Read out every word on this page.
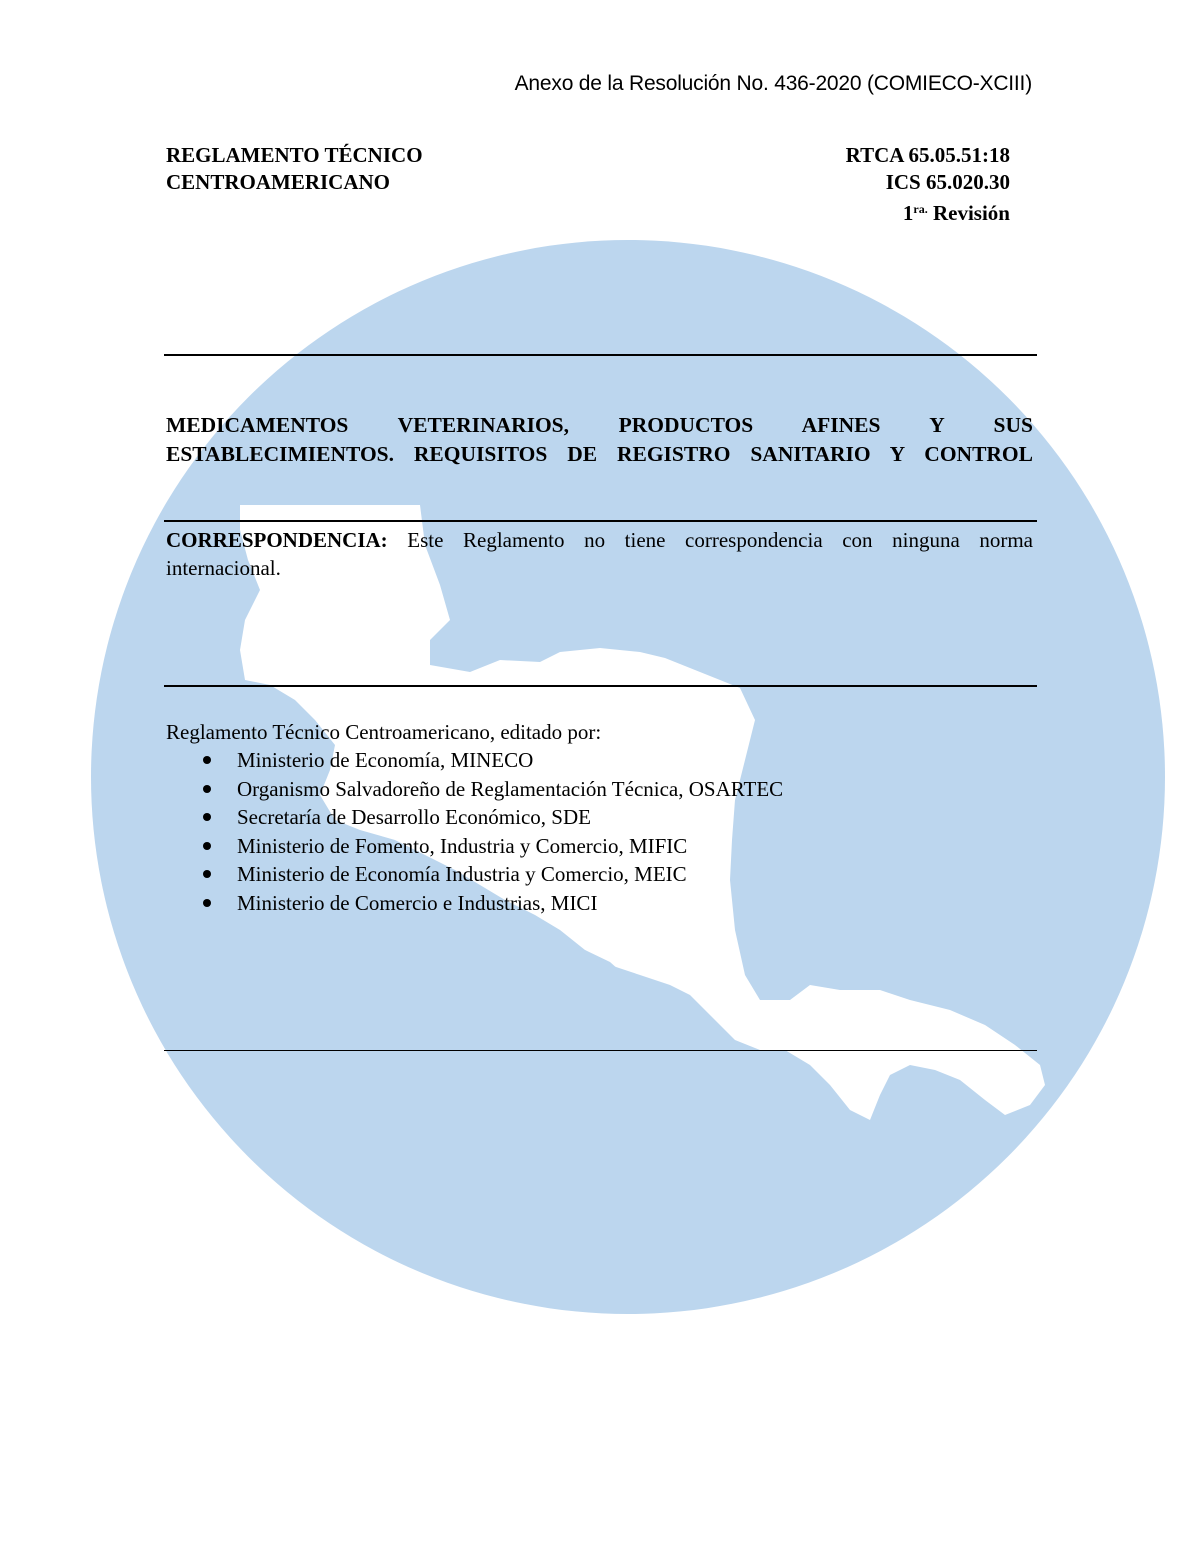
Anexo de la Resolución No. 436-2020 (COMIECO-XCIII)
REGLAMENTO TÉCNICO
CENTROAMERICANO
RTCA 65.05.51:18
ICS 65.020.30
$1^{ra.}$ Revisión
MEDICAMENTOS VETERINARIOS, PRODUCTOS AFINES Y SUS
ESTABLECIMIENTOS. REQUISITOS DE REGISTRO SANITARIO Y CONTROL
CORRESPONDENCIA: Este Reglamento no tiene correspondencia con ninguna norma internacional.
Reglamento Técnico Centroamericano, editado por:
Ministerio de Economía, MINECO
Organismo Salvadoreño de Reglamentación Técnica, OSARTEC
Secretaría de Desarrollo Económico, SDE
Ministerio de Fomento, Industria y Comercio, MIFIC
Ministerio de Economía Industria y Comercio, MEIC
Ministerio de Comercio e Industrias, MICI
